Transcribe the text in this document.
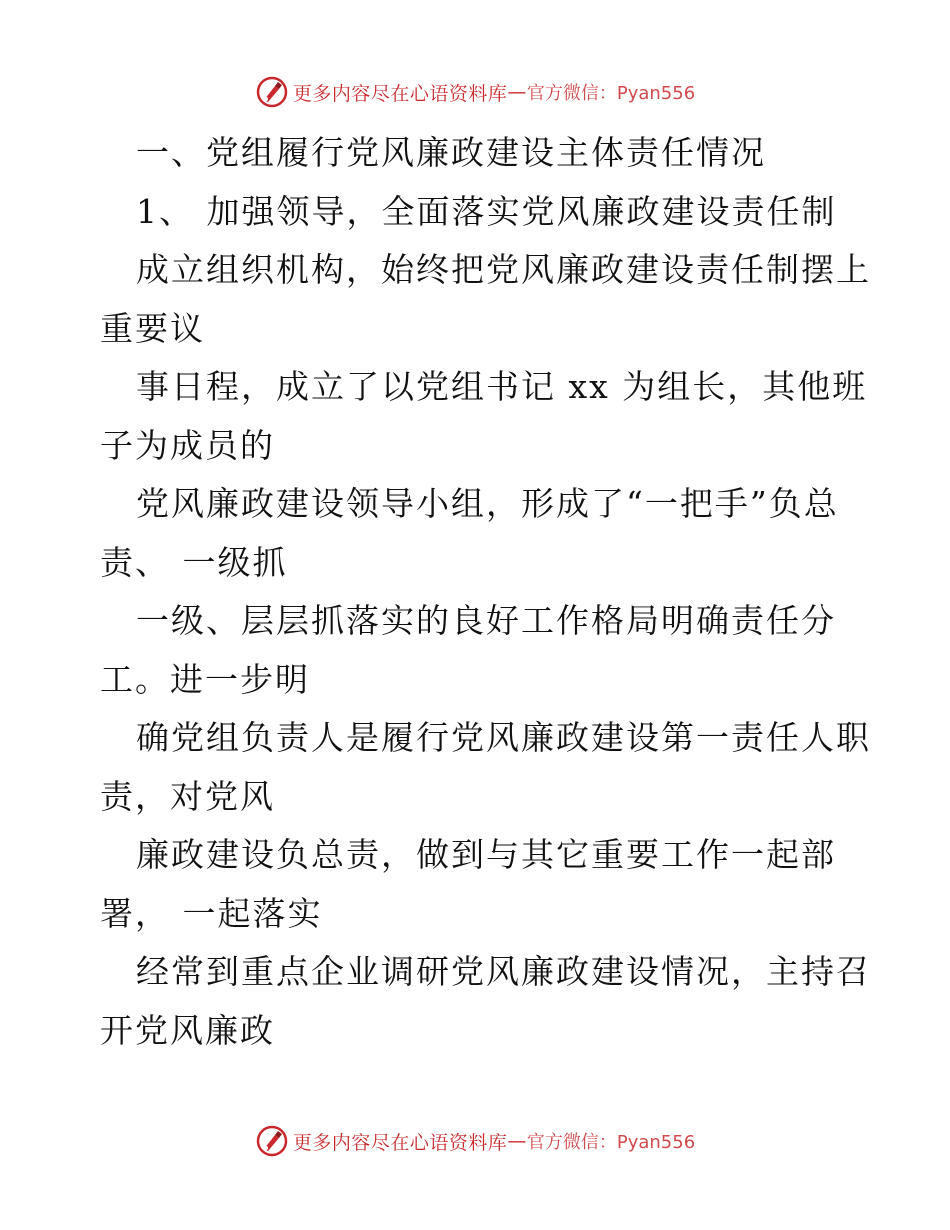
更多内容尽在心语资料库 — 官方微信：Pyan556
一、党组履行党风廉政建设主体责任情况
1、 加强领导，全面落实党风廉政建设责任制
成立组织机构，始终把党风廉政建设责任制摆上
重要议
事日程，成立了以党组书记 xx 为组长，其他班
子为成员的
党风廉政建设领导小组，形成了“一把手”负总
责、 一级抓
一级、层层抓落实的良好工作格局明确责任分
工。进一步明
确党组负责人是履行党风廉政建设第一责任人职
责，对党风
廉政建设负总责，做到与其它重要工作一起部
署， 一起落实
经常到重点企业调研党风廉政建设情况，主持召
开党风廉政
更多内容尽在心语资料库 — 官方微信：Pyan556
